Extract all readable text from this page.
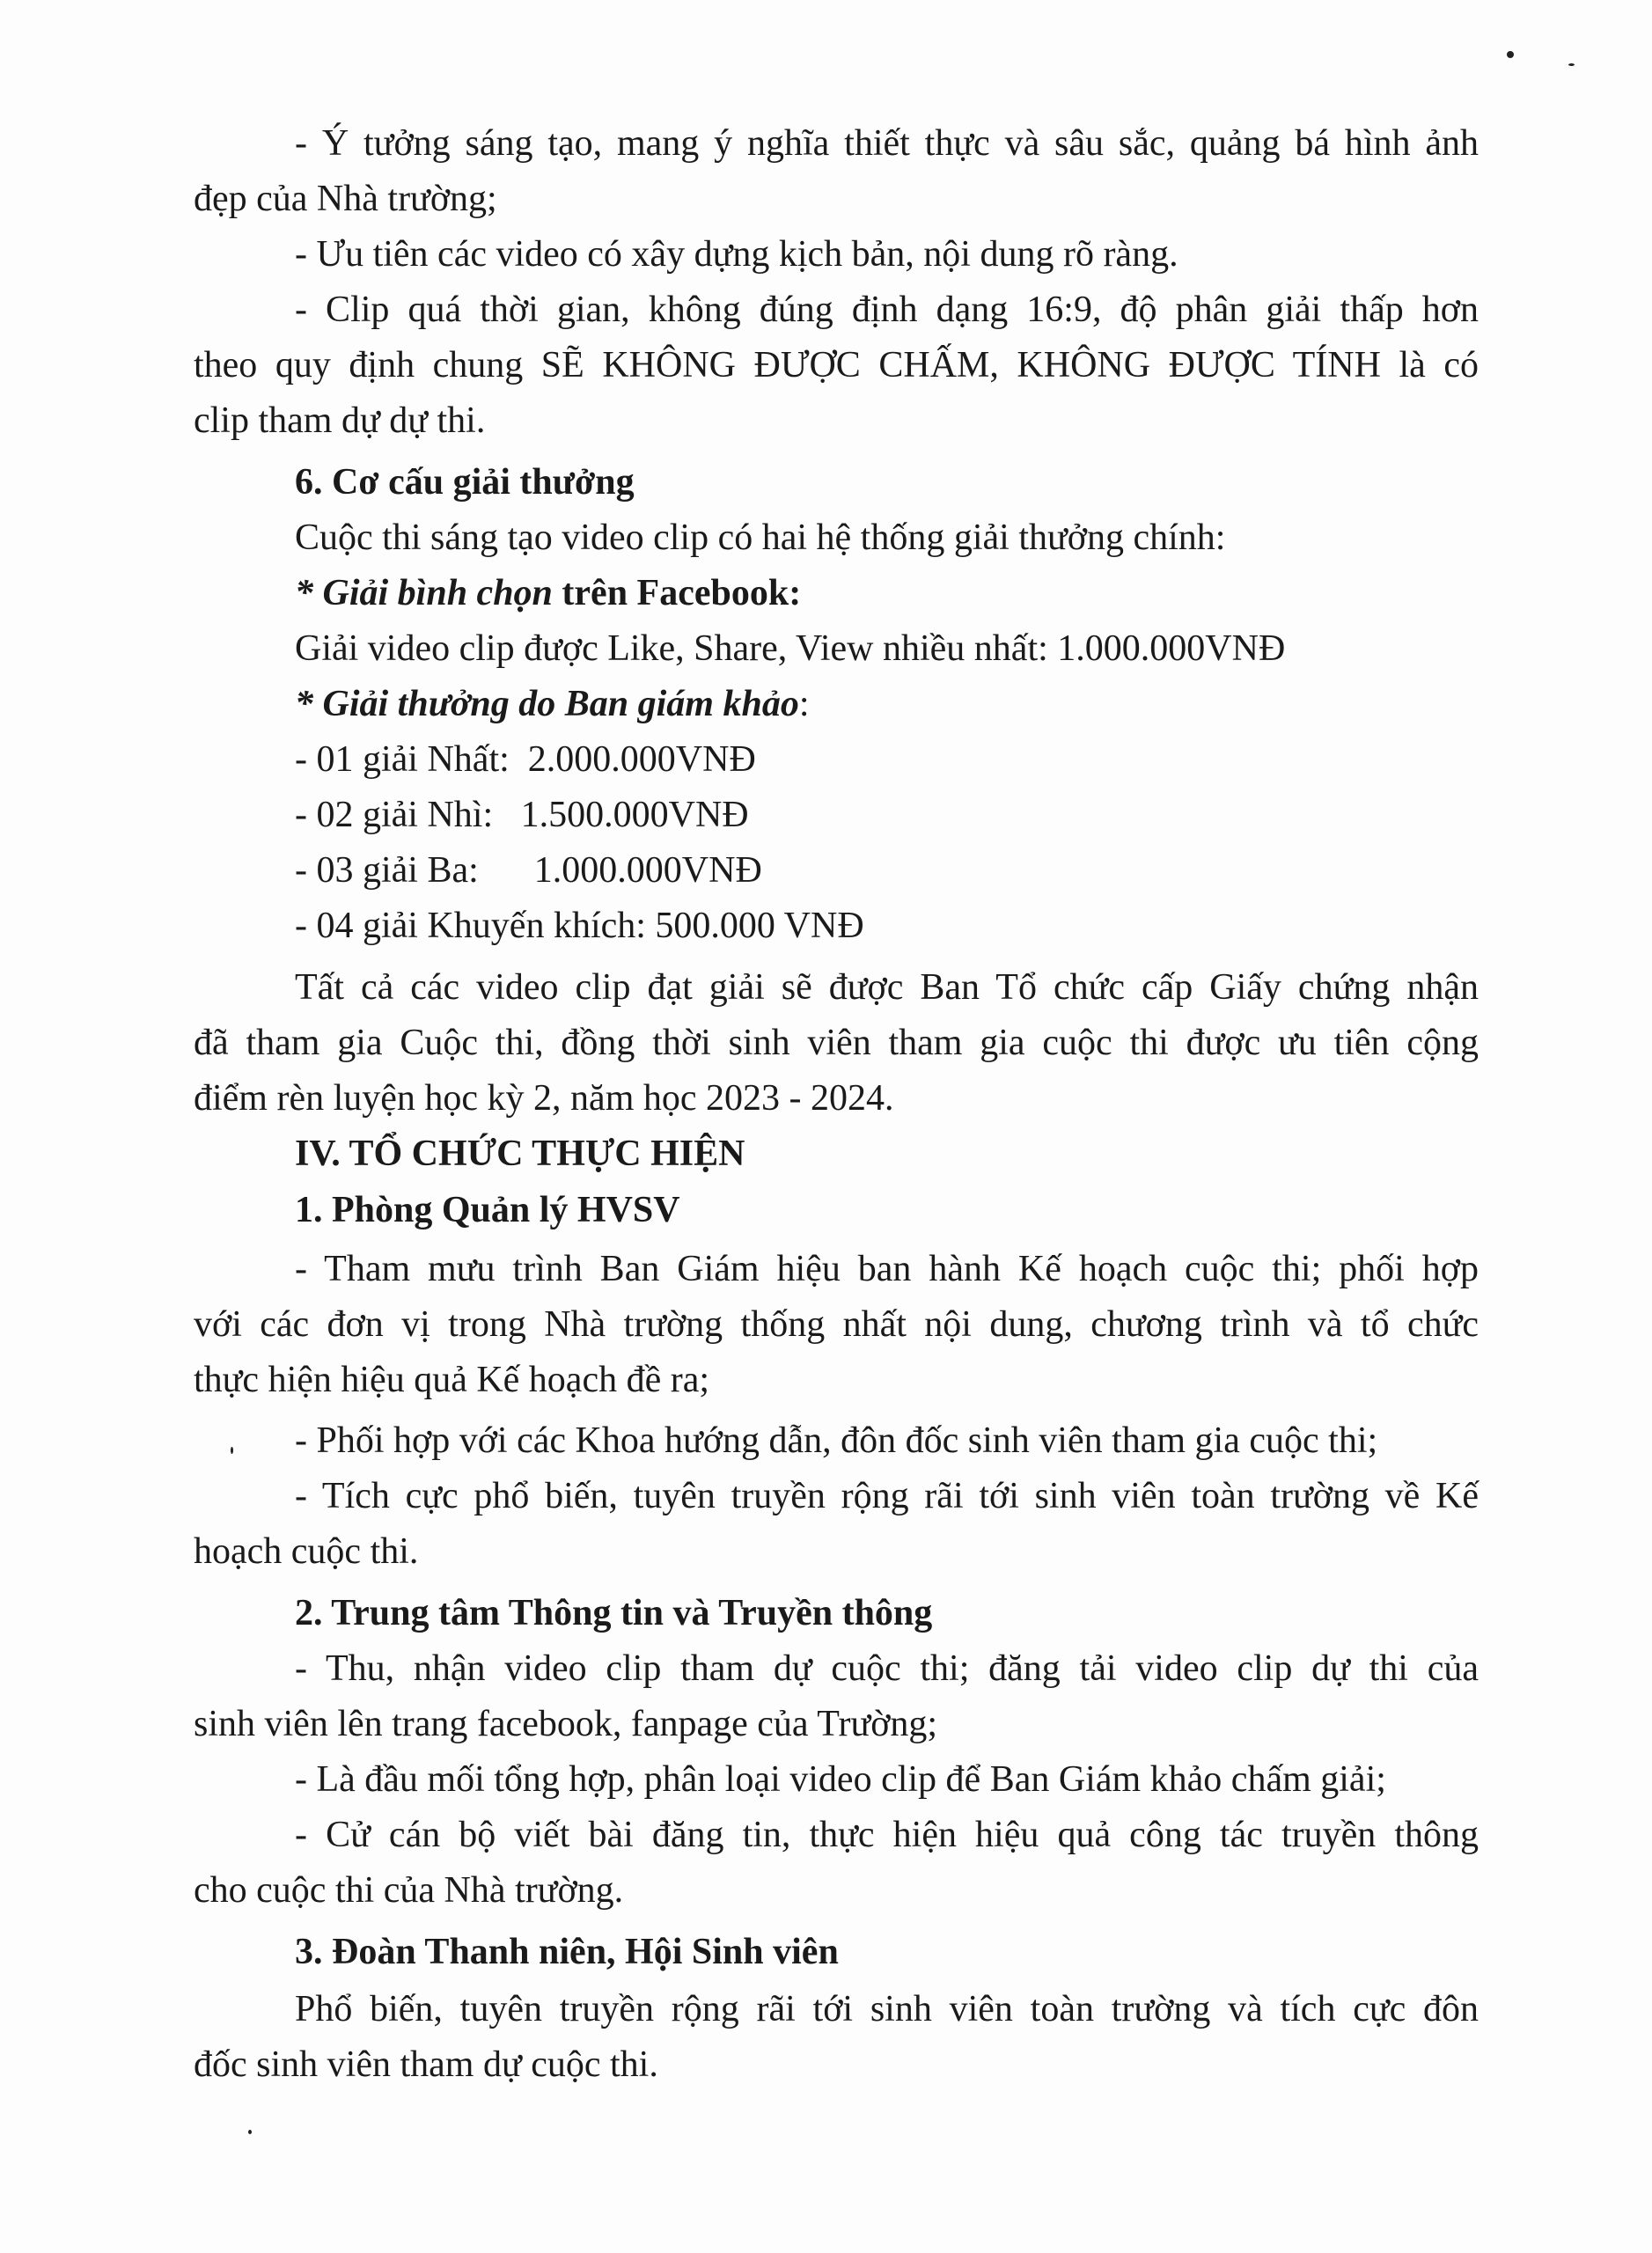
- Ý tưởng sáng tạo, mang ý nghĩa thiết thực và sâu sắc, quảng bá hình ảnh
đẹp của Nhà trường;
- Ưu tiên các video có xây dựng kịch bản, nội dung rõ ràng.
- Clip quá thời gian, không đúng định dạng 16:9, độ phân giải thấp hơn
theo quy định chung SẼ KHÔNG ĐƯỢC CHẤM, KHÔNG ĐƯỢC TÍNH là có
clip tham dự dự thi.
6. Cơ cấu giải thưởng
Cuộc thi sáng tạo video clip có hai hệ thống giải thưởng chính:
* Giải bình chọn trên Facebook:
Giải video clip được Like, Share, View nhiều nhất: 1.000.000VNĐ
* Giải thưởng do Ban giám khảo:
- 01 giải Nhất:  2.000.000VNĐ
- 02 giải Nhì:   1.500.000VNĐ
- 03 giải Ba:      1.000.000VNĐ
- 04 giải Khuyến khích: 500.000 VNĐ
Tất cả các video clip đạt giải sẽ được Ban Tổ chức cấp Giấy chứng nhận
đã tham gia Cuộc thi, đồng thời sinh viên tham gia cuộc thi được ưu tiên cộng
điểm rèn luyện học kỳ 2, năm học 2023 - 2024.
IV. TỔ CHỨC THỰC HIỆN
1. Phòng Quản lý HVSV
- Tham mưu trình Ban Giám hiệu ban hành Kế hoạch cuộc thi; phối hợp
với các đơn vị trong Nhà trường thống nhất nội dung, chương trình và tổ chức
thực hiện hiệu quả Kế hoạch đề ra;
- Phối hợp với các Khoa hướng dẫn, đôn đốc sinh viên tham gia cuộc thi;
- Tích cực phổ biến, tuyên truyền rộng rãi tới sinh viên toàn trường về Kế
hoạch cuộc thi.
2. Trung tâm Thông tin và Truyền thông
- Thu, nhận video clip tham dự cuộc thi; đăng tải video clip dự thi của
sinh viên lên trang facebook, fanpage của Trường;
- Là đầu mối tổng hợp, phân loại video clip để Ban Giám khảo chấm giải;
- Cử cán bộ viết bài đăng tin, thực hiện hiệu quả công tác truyền thông
cho cuộc thi của Nhà trường.
3. Đoàn Thanh niên, Hội Sinh viên
Phổ biến, tuyên truyền rộng rãi tới sinh viên toàn trường và tích cực đôn
đốc sinh viên tham dự cuộc thi.
